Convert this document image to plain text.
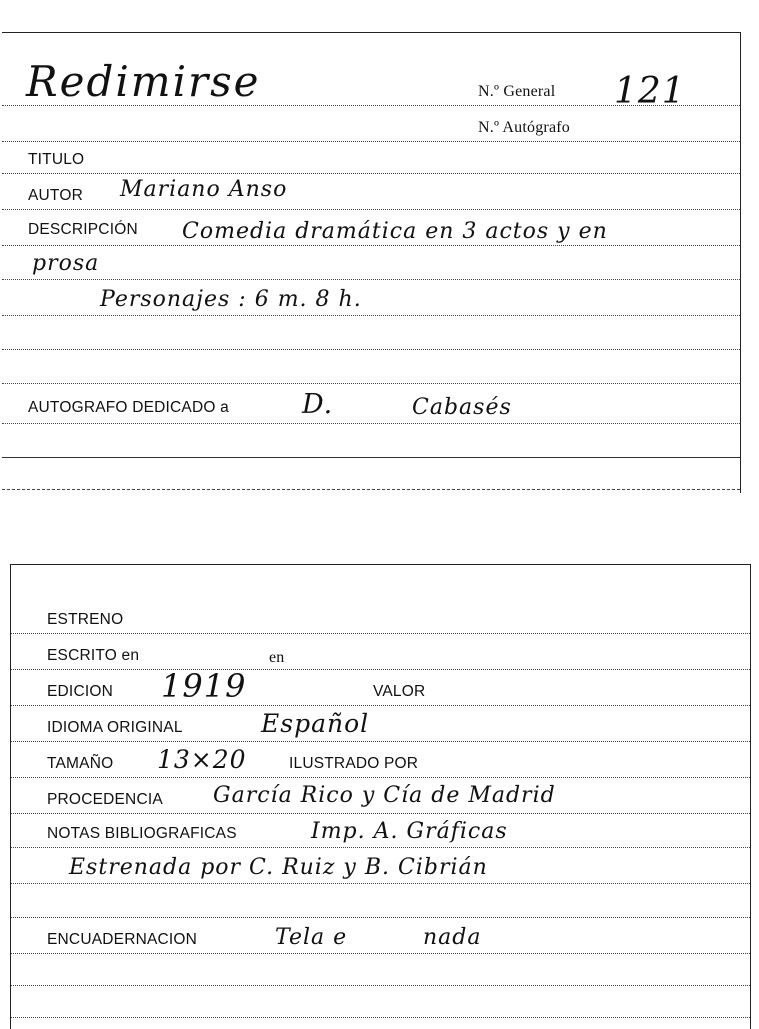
Redimirse	N.º General 121
N.º Autógrafo
TITULO
AUTOR Mariano Anso
DESCRIPCIÓN Comedia dramática en 3 actos y en
prosa
Personajes : 6 m. 8 h.
AUTOGRAFO DEDICADO a	D.	Cabasés
ESTRENO
ESCRITO en	en
EDICION 1919	VALOR
IDIOMA ORIGINAL	Español
TAMAÑO 13×20	ILUSTRADO POR
PROCEDENCIA García Rico y Cía de Madrid
NOTAS BIBLIOGRAFICAS	Imp. A. Gráficas
Estrenada por C. Ruiz y B. Cibrián
ENCUADERNACION	Tela e	nada
